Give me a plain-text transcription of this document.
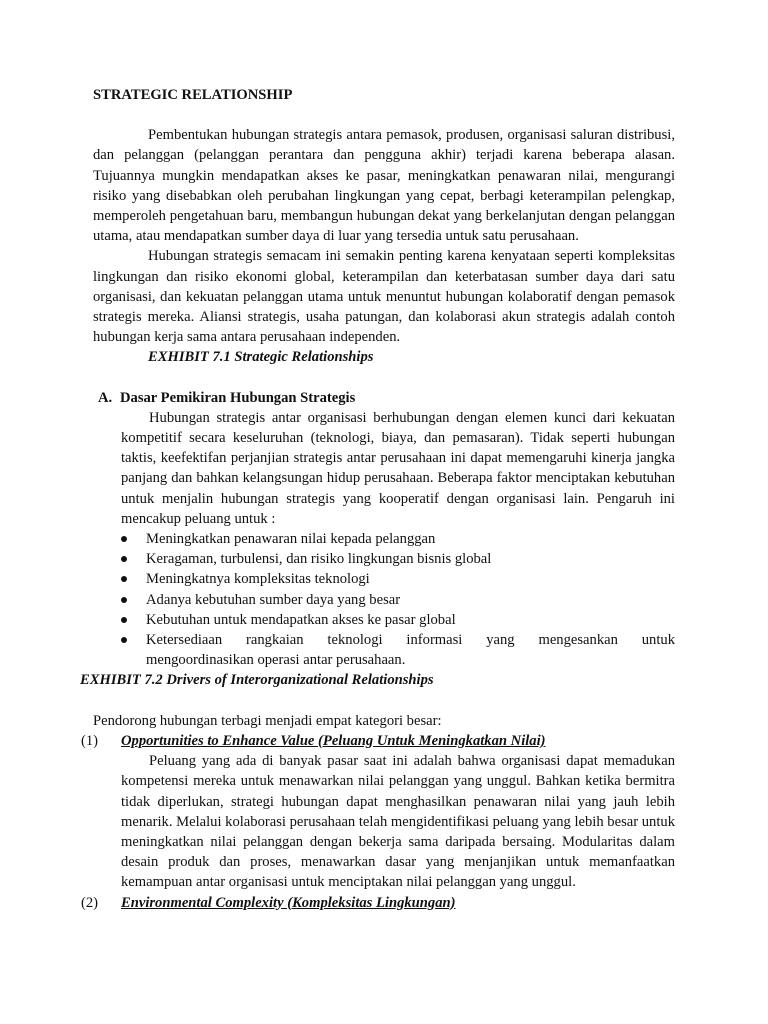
STRATEGIC RELATIONSHIP

Pembentukan hubungan strategis antara pemasok, produsen, organisasi saluran distribusi, dan pelanggan (pelanggan perantara dan pengguna akhir) terjadi karena beberapa alasan. Tujuannya mungkin mendapatkan akses ke pasar, meningkatkan penawaran nilai, mengurangi risiko yang disebabkan oleh perubahan lingkungan yang cepat, berbagi keterampilan pelengkap, memperoleh pengetahuan baru, membangun hubungan dekat yang berkelanjutan dengan pelanggan utama, atau mendapatkan sumber daya di luar yang tersedia untuk satu perusahaan.

Hubungan strategis semacam ini semakin penting karena kenyataan seperti kompleksitas lingkungan dan risiko ekonomi global, keterampilan dan keterbatasan sumber daya dari satu organisasi, dan kekuatan pelanggan utama untuk menuntut hubungan kolaboratif dengan pemasok strategis mereka. Aliansi strategis, usaha patungan, dan kolaborasi akun strategis adalah contoh hubungan kerja sama antara perusahaan independen.

EXHIBIT 7.1 Strategic Relationships

A. Dasar Pemikiran Hubungan Strategis

Hubungan strategis antar organisasi berhubungan dengan elemen kunci dari kekuatan kompetitif secara keseluruhan (teknologi, biaya, dan pemasaran). Tidak seperti hubungan taktis, keefektifan perjanjian strategis antar perusahaan ini dapat memengaruhi kinerja jangka panjang dan bahkan kelangsungan hidup perusahaan. Beberapa faktor menciptakan kebutuhan untuk menjalin hubungan strategis yang kooperatif dengan organisasi lain. Pengaruh ini mencakup peluang untuk :

Meningkatkan penawaran nilai kepada pelanggan
Keragaman, turbulensi, dan risiko lingkungan bisnis global
Meningkatnya kompleksitas teknologi
Adanya kebutuhan sumber daya yang besar
Kebutuhan untuk mendapatkan akses ke pasar global
Ketersediaan rangkaian teknologi informasi yang mengesankan untuk
mengoordinasikan operasi antar perusahaan.

EXHIBIT 7.2 Drivers of Interorganizational Relationships

Pendorong hubungan terbagi menjadi empat kategori besar:

(1) Opportunities to Enhance Value (Peluang Untuk Meningkatkan Nilai)

Peluang yang ada di banyak pasar saat ini adalah bahwa organisasi dapat memadukan kompetensi mereka untuk menawarkan nilai pelanggan yang unggul. Bahkan ketika bermitra tidak diperlukan, strategi hubungan dapat menghasilkan penawaran nilai yang jauh lebih menarik. Melalui kolaborasi perusahaan telah mengidentifikasi peluang yang lebih besar untuk meningkatkan nilai pelanggan dengan bekerja sama daripada bersaing. Modularitas dalam desain produk dan proses, menawarkan dasar yang menjanjikan untuk memanfaatkan kemampuan antar organisasi untuk menciptakan nilai pelanggan yang unggul.

(2) Environmental Complexity (Kompleksitas Lingkungan)
